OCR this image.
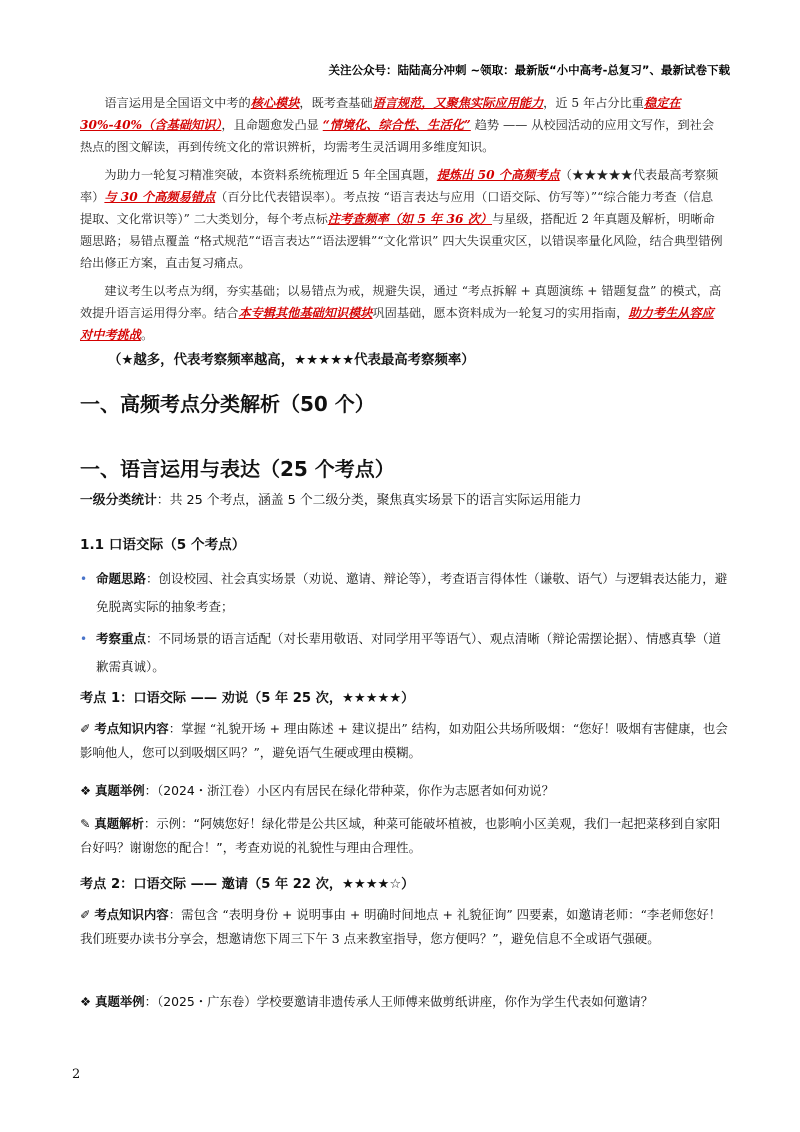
关注公众号：陆陆高分冲刺 ~领取：最新版“小中高考-总复习”、最新试卷下载

语言运用是全国语文中考的核心模块，既考查基础语言规范，又聚焦实际应用能力，近 5 年占分比重稳定在 30%-40%（含基础知识），且命题愈发凸显 “情境化、综合性、生活化” 趋势 —— 从校园活动的应用文写作，到社会热点的图文解读，再到传统文化的常识辨析，均需考生灵活调用多维度知识。

为助力一轮复习精准突破，本资料系统梳理近 5 年全国真题，提炼出 50 个高频考点（★★★★★代表最高考察频率）与 30 个高频易错点（百分比代表错误率）。考点按 “语言表达与应用（口语交际、仿写等）”“综合能力考查（信息提取、文化常识等）” 二大类划分，每个考点标注考查频率（如 5 年 36 次）与星级，搭配近 2 年真题及解析，明晰命题思路；易错点覆盖 “格式规范”“语言表达”“语法逻辑”“文化常识” 四大失误重灾区，以错误率量化风险，结合典型错例给出修正方案，直击复习痛点。

建议考生以考点为纲，夯实基础；以易错点为戒，规避失误，通过 “考点拆解 + 真题演练 + 错题复盘” 的模式，高效提升语言运用得分率。结合本专辑其他基础知识模块巩固基础，愿本资料成为一轮复习的实用指南，助力考生从容应对中考挑战。

（★越多，代表考察频率越高，★★★★★代表最高考察频率）
一、高频考点分类解析（50 个）
一、语言运用与表达（25 个考点）
一级分类统计：共 25 个考点，涵盖 5 个二级分类，聚焦真实场景下的语言实际运用能力
1.1 口语交际（5 个考点）
• 命题思路：创设校园、社会真实场景（劝说、邀请、辩论等），考查语言得体性（谦敬、语气）与逻辑表达能力，避免脱离实际的抽象考查；
• 考察重点：不同场景的语言适配（对长辈用敬语、对同学用平等语气）、观点清晰（辩论需摆论据）、情感真挚（道歉需真诚）。
考点 1：口语交际 —— 劝说（5 年 25 次，★★★★★）
✐ 考点知识内容：掌握 “礼貌开场 + 理由陈述 + 建议提出” 结构，如劝阻公共场所吸烟：“您好！吸烟有害健康，也会影响他人，您可以到吸烟区吗？”，避免语气生硬或理由模糊。
❖ 真题举例：（2024・浙江卷）小区内有居民在绿化带种菜，你作为志愿者如何劝说？
✎ 真题解析：示例：“阿姨您好！绿化带是公共区域，种菜可能破坏植被，也影响小区美观，我们一起把菜移到自家阳台好吗？谢谢您的配合！”，考查劝说的礼貌性与理由合理性。
考点 2：口语交际 —— 邀请（5 年 22 次，★★★★☆）
✐ 考点知识内容：需包含 “表明身份 + 说明事由 + 明确时间地点 + 礼貌征询” 四要素，如邀请老师：“李老师您好！我们班要办读书分享会，想邀请您下周三下午 3 点来教室指导，您方便吗？”，避免信息不全或语气强硬。
❖ 真题举例：（2025・广东卷）学校要邀请非遗传承人王师傅来做剪纸讲座，你作为学生代表如何邀请？
2
